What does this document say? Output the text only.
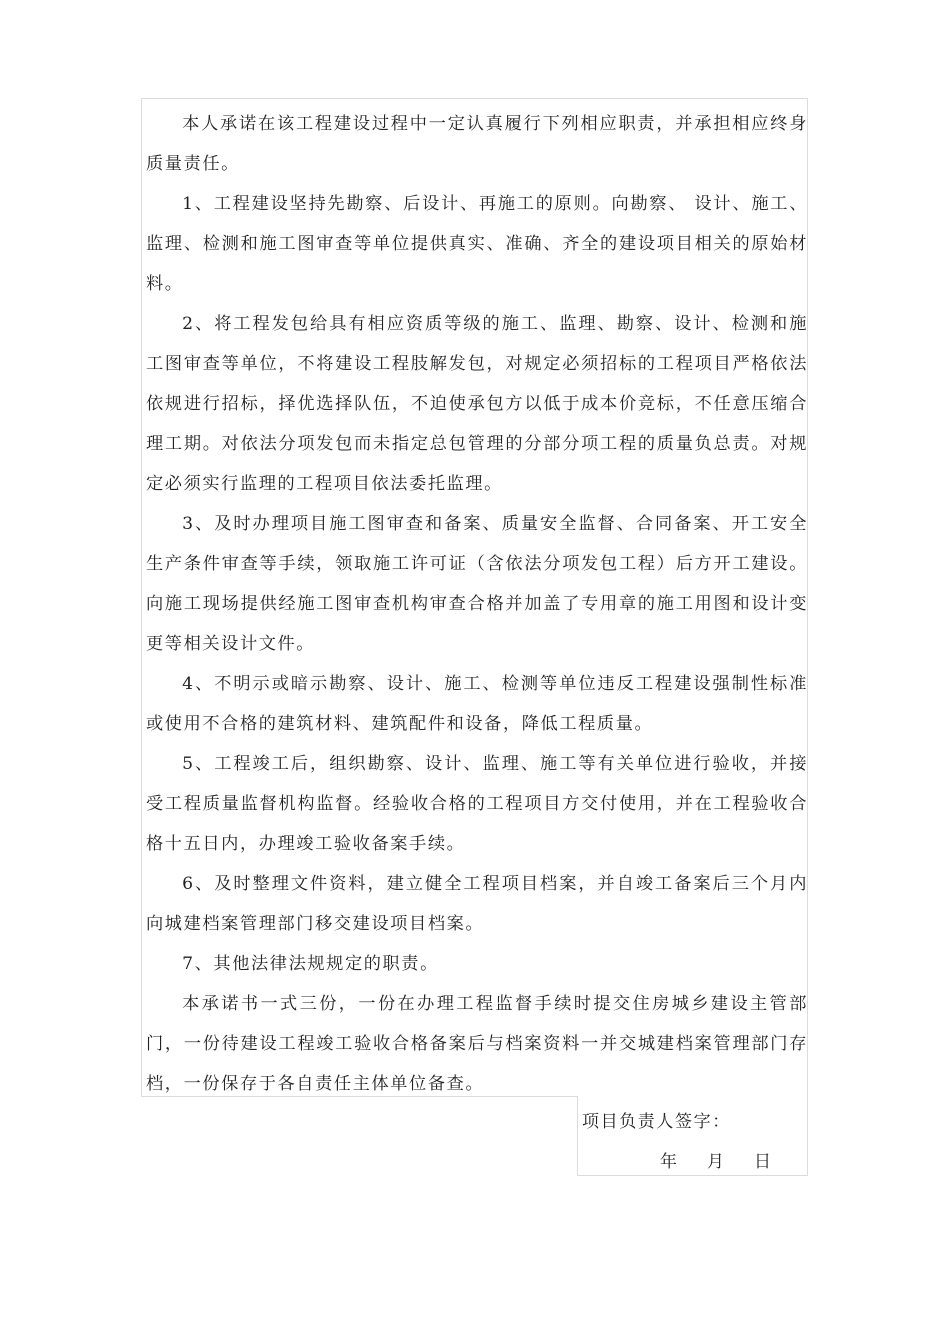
本人承诺在该工程建设过程中一定认真履行下列相应职责，并承担相应终身质量责任。

1、工程建设坚持先勘察、后设计、再施工的原则。向勘察、 设计、施工、监理、检测和施工图审查等单位提供真实、准确、齐全的建设项目相关的原始材料。

2、将工程发包给具有相应资质等级的施工、监理、勘察、设计、检测和施工图审查等单位，不将建设工程肢解发包，对规定必须招标的工程项目严格依法依规进行招标，择优选择队伍，不迫使承包方以低于成本价竞标，不任意压缩合理工期。对依法分项发包而未指定总包管理的分部分项工程的质量负总责。对规定必须实行监理的工程项目依法委托监理。

3、及时办理项目施工图审查和备案、质量安全监督、合同备案、开工安全生产条件审查等手续，领取施工许可证（含依法分项发包工程）后方开工建设。向施工现场提供经施工图审查机构审查合格并加盖了专用章的施工用图和设计变更等相关设计文件。

4、不明示或暗示勘察、设计、施工、检测等单位违反工程建设强制性标准或使用不合格的建筑材料、建筑配件和设备，降低工程质量。

5、工程竣工后，组织勘察、设计、监理、施工等有关单位进行验收，并接受工程质量监督机构监督。经验收合格的工程项目方交付使用，并在工程验收合格十五日内，办理竣工验收备案手续。

6、及时整理文件资料，建立健全工程项目档案，并自竣工备案后三个月内向城建档案管理部门移交建设项目档案。

7、其他法律法规规定的职责。

本承诺书一式三份，一份在办理工程监督手续时提交住房城乡建设主管部门，一份待建设工程竣工验收合格备案后与档案资料一并交城建档案管理部门存档，一份保存于各自责任主体单位备查。

项目负责人签字：
年 月 日
